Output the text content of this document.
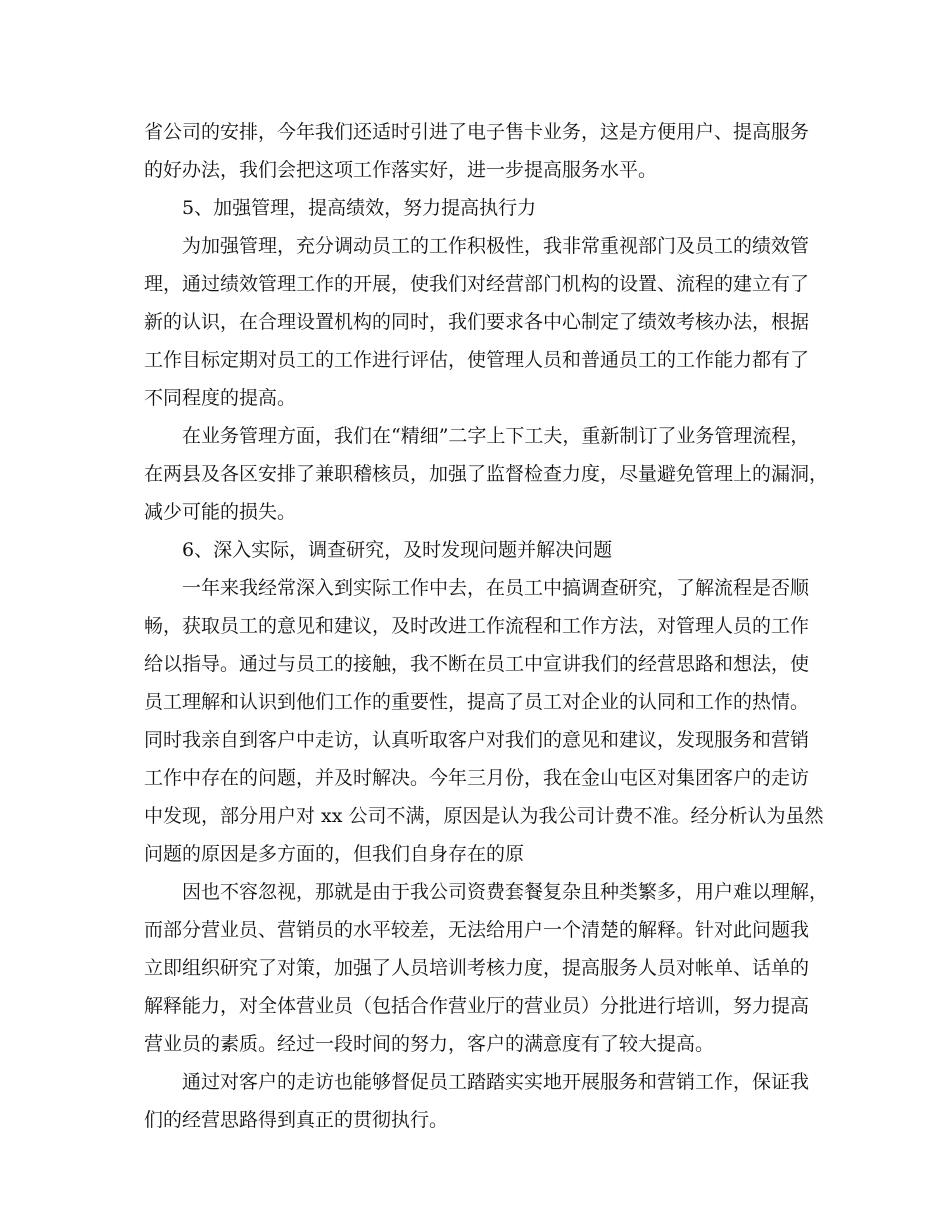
省公司的安排，今年我们还适时引进了电子售卡业务，这是方便用户、提高服务
的好办法，我们会把这项工作落实好，进一步提高服务水平。
5、加强管理，提高绩效，努力提高执行力
为加强管理，充分调动员工的工作积极性，我非常重视部门及员工的绩效管
理，通过绩效管理工作的开展，使我们对经营部门机构的设置、流程的建立有了
新的认识，在合理设置机构的同时，我们要求各中心制定了绩效考核办法，根据
工作目标定期对员工的工作进行评估，使管理人员和普通员工的工作能力都有了
不同程度的提高。
在业务管理方面，我们在“精细”二字上下工夫，重新制订了业务管理流程，
在两县及各区安排了兼职稽核员，加强了监督检查力度，尽量避免管理上的漏洞，
减少可能的损失。
6、深入实际，调查研究，及时发现问题并解决问题
一年来我经常深入到实际工作中去，在员工中搞调查研究，了解流程是否顺
畅，获取员工的意见和建议，及时改进工作流程和工作方法，对管理人员的工作
给以指导。通过与员工的接触，我不断在员工中宣讲我们的经营思路和想法，使
员工理解和认识到他们工作的重要性，提高了员工对企业的认同和工作的热情。
同时我亲自到客户中走访，认真听取客户对我们的意见和建议，发现服务和营销
工作中存在的问题，并及时解决。今年三月份，我在金山屯区对集团客户的走访
中发现，部分用户对 xx 公司不满，原因是认为我公司计费不准。经分析认为虽然
问题的原因是多方面的，但我们自身存在的原
因也不容忽视，那就是由于我公司资费套餐复杂且种类繁多，用户难以理解，
而部分营业员、营销员的水平较差，无法给用户一个清楚的解释。针对此问题我
立即组织研究了对策，加强了人员培训考核力度，提高服务人员对帐单、话单的
解释能力，对全体营业员（包括合作营业厅的营业员）分批进行培训，努力提高
营业员的素质。经过一段时间的努力，客户的满意度有了较大提高。
通过对客户的走访也能够督促员工踏踏实实地开展服务和营销工作，保证我
们的经营思路得到真正的贯彻执行。
